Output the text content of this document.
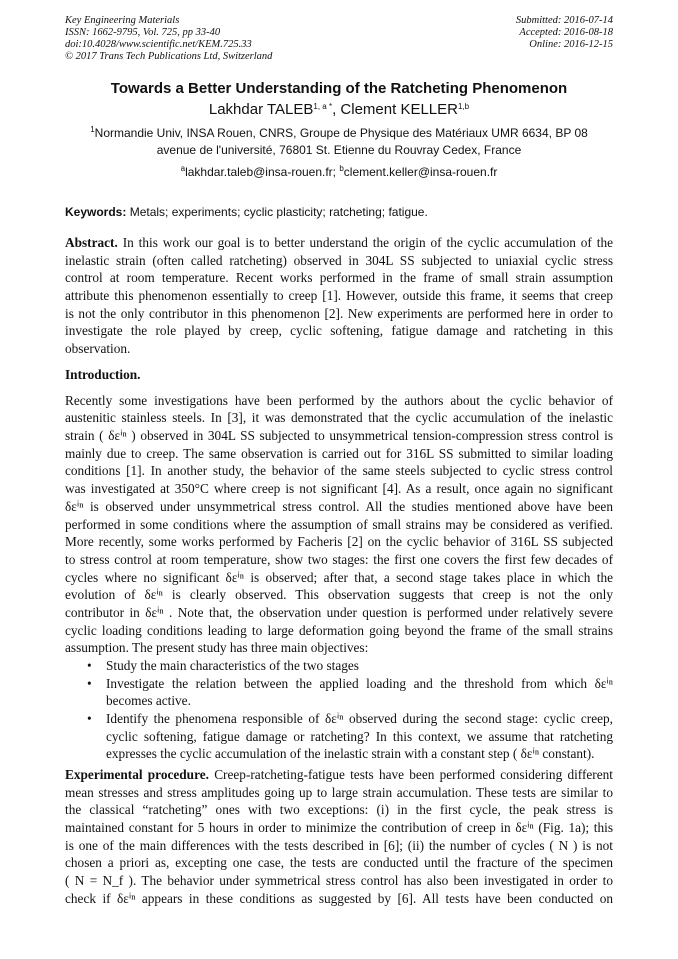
Key Engineering Materials
ISSN: 1662-9795, Vol. 725, pp 33-40
doi:10.4028/www.scientific.net/KEM.725.33
© 2017 Trans Tech Publications Ltd, Switzerland
Submitted: 2016-07-14
Accepted: 2016-08-18
Online: 2016-12-15
Towards a Better Understanding of the Ratcheting Phenomenon
Lakhdar $TALEB^{1, a *}$, Clement KELLER$^{1,b}$
$^1$Normandie Univ, INSA Rouen, CNRS, Groupe de Physique des Matériaux UMR 6634, BP 08
avenue de l'université, 76801 St. Etienne du Rouvray Cedex, France
$^a$lakhdar.taleb@insa-rouen.fr; $^b$clement.keller@insa-rouen.fr
Keywords: Metals; experiments; cyclic plasticity; ratcheting; fatigue.
Abstract. In this work our goal is to better understand the origin of the cyclic accumulation of the
inelastic strain (often called ratcheting) observed in 304L SS subjected to uniaxial cyclic stress
control at room temperature. Recent works performed in the frame of small strain assumption
attribute this phenomenon essentially to creep [1]. However, outside this frame, it seems that creep
is not the only contributor in this phenomenon [2]. New experiments are performed here in order to
investigate the role played by creep, cyclic softening, fatigue damage and ratcheting in this
observation.
Introduction.
Recently some investigations have been performed by the authors about the cyclic behavior of
austenitic stainless steels. In [3], it was demonstrated that the cyclic accumulation of the inelastic
strain ( δεⁱⁿ ) observed in 304L SS subjected to unsymmetrical tension-compression stress control is
mainly due to creep. The same observation is carried out for 316L SS submitted to similar loading
conditions [1]. In another study, the behavior of the same steels subjected to cyclic stress control
was investigated at 350°C where creep is not significant [4]. As a result, once again no significant
δεⁱⁿ is observed under unsymmetrical stress control. All the studies mentioned above have been
performed in some conditions where the assumption of small strains may be considered as verified.
More recently, some works performed by Facheris [2] on the cyclic behavior of 316L SS subjected
to stress control at room temperature, show two stages: the first one covers the first few decades of
cycles where no significant δεⁱⁿ is observed; after that, a second stage takes place in which the
evolution of δεⁱⁿ is clearly observed. This observation suggests that creep is not the only
contributor in δεⁱⁿ . Note that, the observation under question is performed under relatively severe
cyclic loading conditions leading to large deformation going beyond the frame of the small strains
assumption. The present study has three main objectives:
•	Study the main characteristics of the two stages
•	Investigate the relation between the applied loading and the threshold from which δεⁱⁿ
becomes active.
•	Identify the phenomena responsible of δεⁱⁿ observed during the second stage: cyclic creep,
cyclic softening, fatigue damage or ratcheting? In this context, we assume that ratcheting
expresses the cyclic accumulation of the inelastic strain with a constant step ( δεⁱⁿ constant).
Experimental procedure. Creep-ratcheting-fatigue tests have been performed considering different
mean stresses and stress amplitudes going up to large strain accumulation. These tests are similar to
the classical “ratcheting” ones with two exceptions: (i) in the first cycle, the peak stress is
maintained constant for 5 hours in order to minimize the contribution of creep in δεⁱⁿ (Fig. 1a); this
is one of the main differences with the tests described in [6]; (ii) the number of cycles ( N ) is not
chosen a priori as, excepting one case, the tests are conducted until the fracture of the specimen
( N = N_f ). The behavior under symmetrical stress control has also been investigated in order to
check if δεⁱⁿ appears in these conditions as suggested by [6]. All tests have been conducted on
